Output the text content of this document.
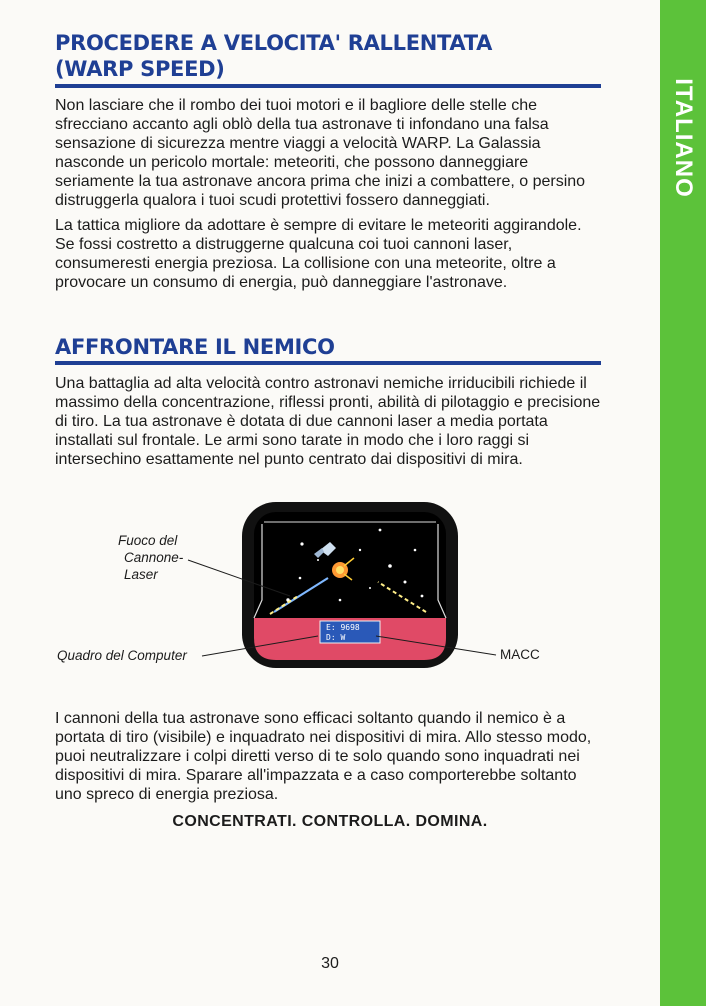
ITALIANO
PROCEDERE A VELOCITA' RALLENTATA
(WARP SPEED)

Non lasciare che il rombo dei tuoi motori e il bagliore delle stelle che sfrecciano accanto agli oblò della tua astronave ti infondano una falsa sensazione di sicurezza mentre viaggi a velocità WARP. La Galassia nasconde un pericolo mortale: meteoriti, che possono danneggiare seriamente la tua astronave ancora prima che inizi a combattere, o persino distruggerla qualora i tuoi scudi protettivi fossero danneggiati.

La tattica migliore da adottare è sempre di evitare le meteoriti aggirandole. Se fossi costretto a distruggerne qualcuna coi tuoi cannoni laser, consumeresti energia preziosa. La collisione con una meteorite, oltre a provocare un consumo di energia, può danneggiare l'astronave.

AFFRONTARE IL NEMICO

Una battaglia ad alta velocità contro astronavi nemiche irriducibili richiede il massimo della concentrazione, riflessi pronti, abilità di pilotaggio e precisione di tiro. La tua astronave è dotata di due cannoni laser a media portata installati sul frontale. Le armi sono tarate in modo che i loro raggi si intersechino esattamente nel punto centrato dai dispositivi di mira.

E: 9698
D: W
Fuoco del
Cannone-
Laser
Quadro del Computer	MACC

I cannoni della tua astronave sono efficaci soltanto quando il nemico è a portata di tiro (visibile) e inquadrato nei dispositivi di mira. Allo stesso modo, puoi neutralizzare i colpi diretti verso di te solo quando sono inquadrati nei dispositivi di mira. Sparare all'impazzata e a caso comporterebbe soltanto uno spreco di energia preziosa.

CONCENTRATI. CONTROLLA. DOMINA.
30
